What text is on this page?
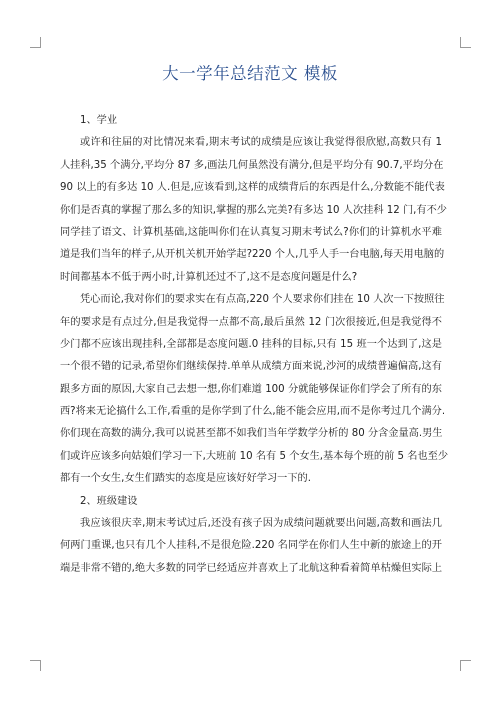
大一学年总结范文 模板
1、学业
或许和往届的对比情况来看,期末考试的成绩是应该让我觉得很欣慰,高数只有 1
人挂科,35 个满分,平均分 87 多,画法几何虽然没有满分,但是平均分有 90.7,平均分在
90 以上的有多达 10 人.但是,应该看到,这样的成绩背后的东西是什么,分数能不能代表
你们是否真的掌握了那么多的知识,掌握的那么完美?有多达 10 人次挂科 12 门,有不少
同学挂了语文、计算机基础,这能叫你们在认真复习期末考试么?你们的计算机水平难
道是我们当年的样子,从开机关机开始学起?220 个人,几乎人手一台电脑,每天用电脑的
时间都基本不低于两小时,计算机还过不了,这不是态度问题是什么?
凭心而论,我对你们的要求实在有点高,220 个人要求你们挂在 10 人次一下按照往
年的要求是有点过分,但是我觉得一点都不高,最后虽然 12 门次很接近,但是我觉得不
少门都不应该出现挂科,全部都是态度问题.0 挂科的目标,只有 15 班一个达到了,这是
一个很不错的记录,希望你们继续保持.单单从成绩方面来说,沙河的成绩普遍偏高,这有
跟多方面的原因,大家自己去想一想,你们难道 100 分就能够保证你们学会了所有的东
西?将来无论搞什么工作,看重的是你学到了什么,能不能会应用,而不是你考过几个满分.
你们现在高数的满分,我可以说甚至都不如我们当年学数学分析的 80 分含金量高.男生
们或许应该多向姑娘们学习一下,大班前 10 名有 5 个女生,基本每个班的前 5 名也至少
都有一个女生,女生们踏实的态度是应该好好学习一下的.
2、班级建设
我应该很庆幸,期末考试过后,还没有孩子因为成绩问题就要出问题,高数和画法几
何两门重课,也只有几个人挂科,不是很危险.220 名同学在你们人生中新的旅途上的开
端是非常不错的,绝大多数的同学已经适应并喜欢上了北航这种看着简单枯燥但实际上
